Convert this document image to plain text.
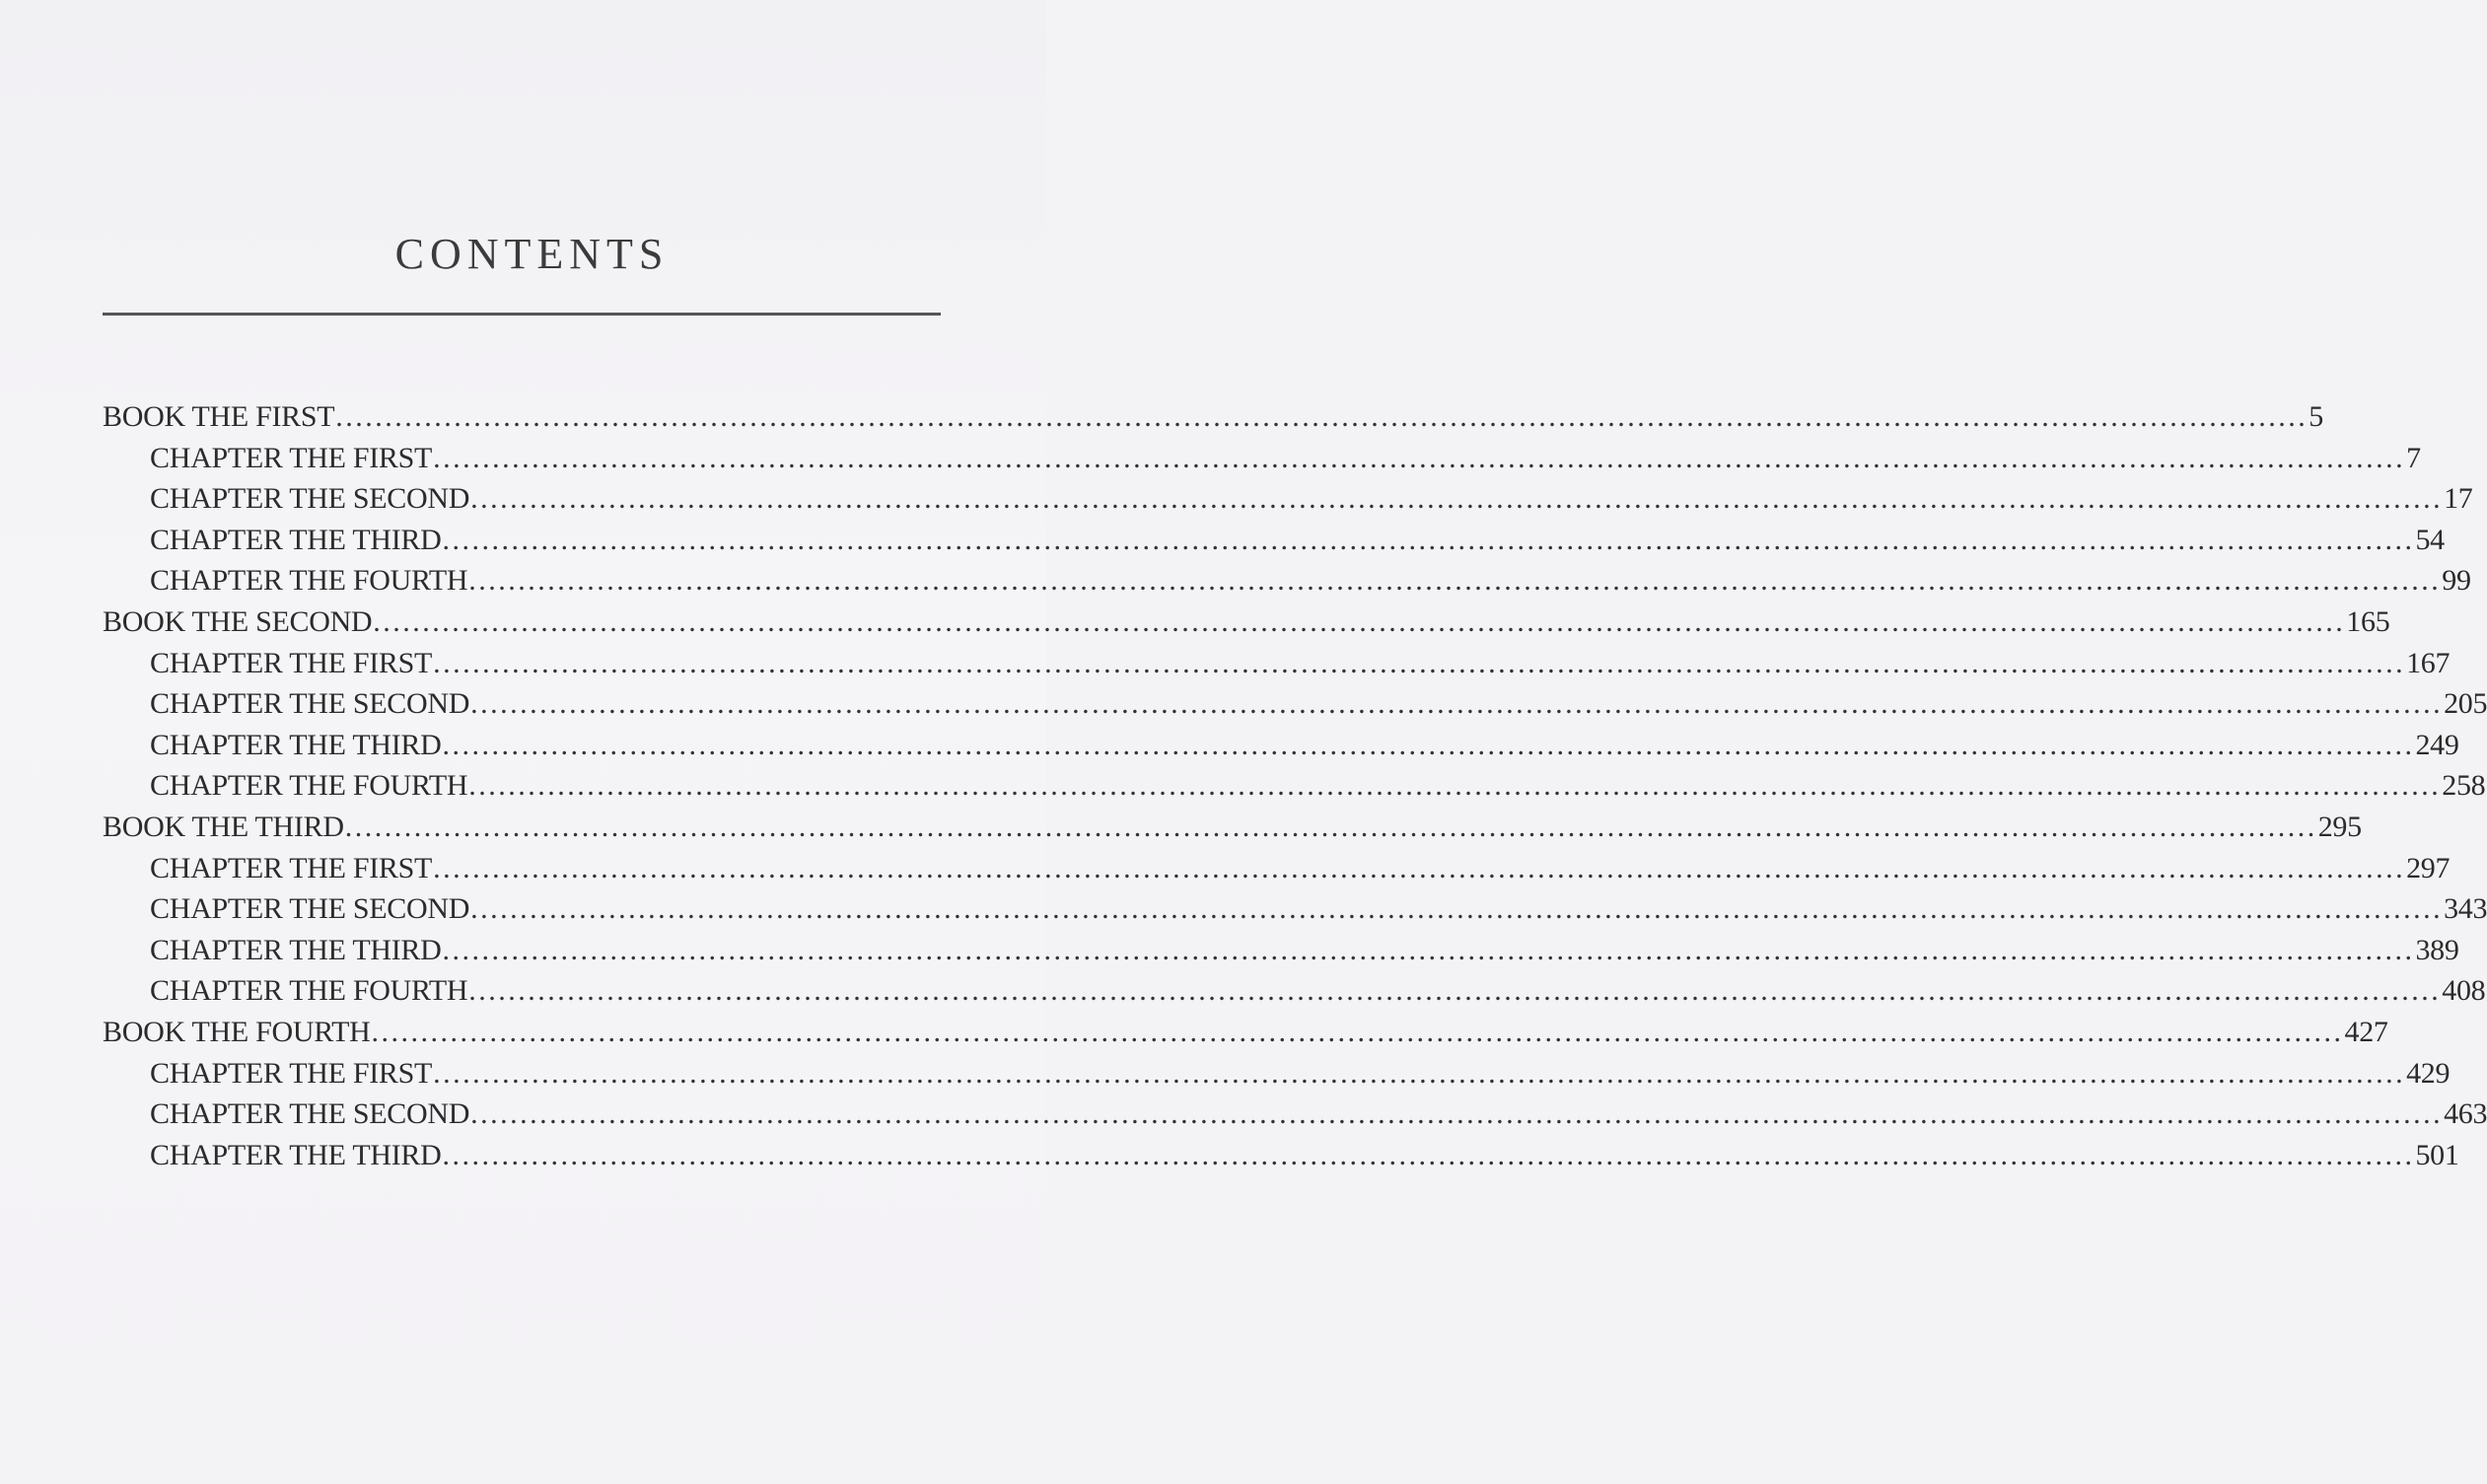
CONTENTS
BOOK THE FIRST ........................................................................................................................................................................................................ 5
CHAPTER THE FIRST ........................................................................................................................................................................................................ 7
CHAPTER THE SECOND ........................................................................................................................................................................................................ 17
CHAPTER THE THIRD ........................................................................................................................................................................................................ 54
CHAPTER THE FOURTH ........................................................................................................................................................................................................ 99
BOOK THE SECOND ........................................................................................................................................................................................................ 165
CHAPTER THE FIRST ........................................................................................................................................................................................................ 167
CHAPTER THE SECOND ........................................................................................................................................................................................................ 205
CHAPTER THE THIRD ........................................................................................................................................................................................................ 249
CHAPTER THE FOURTH ........................................................................................................................................................................................................ 258
BOOK THE THIRD ........................................................................................................................................................................................................ 295
CHAPTER THE FIRST ........................................................................................................................................................................................................ 297
CHAPTER THE SECOND ........................................................................................................................................................................................................ 343
CHAPTER THE THIRD ........................................................................................................................................................................................................ 389
CHAPTER THE FOURTH ........................................................................................................................................................................................................ 408
BOOK THE FOURTH ........................................................................................................................................................................................................ 427
CHAPTER THE FIRST ........................................................................................................................................................................................................ 429
CHAPTER THE SECOND ........................................................................................................................................................................................................ 463
CHAPTER THE THIRD ........................................................................................................................................................................................................ 501
